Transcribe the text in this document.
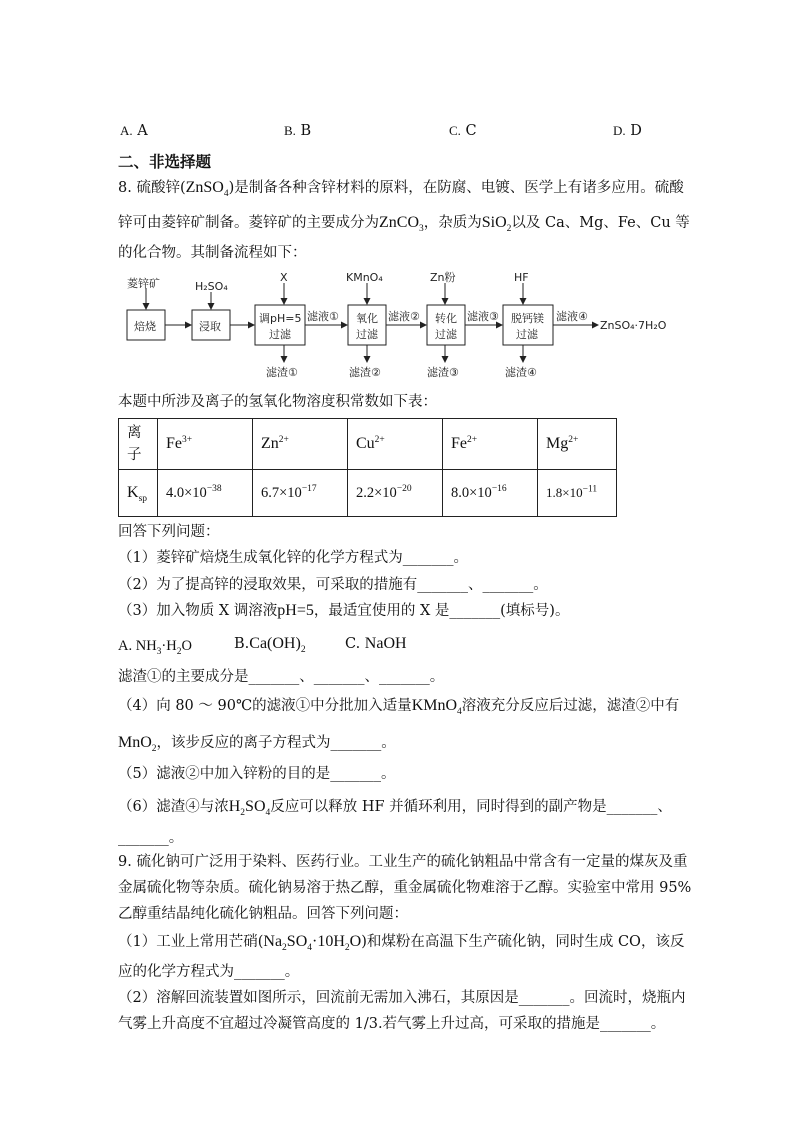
A. A	B. B	C. C	D. D
二、非选择题
8. 硫酸锌(ZnSO$_4$)是制备各种含锌材料的原料，在防腐、电镀、医学上有诸多应用。硫酸
锌可由菱锌矿制备。菱锌矿的主要成分为ZnCO$_3$，杂质为SiO$_2$以及 Ca、Mg、Fe、Cu 等
的化合物。其制备流程如下：
菱锌矿	H₂SO₄
X	KMnO₄	Zn粉	HF
焙烧	浸取
调pH=5
过滤
氧化
过滤
转化
过滤
脱钙镁
过滤
滤液①	滤液②	滤液③	滤液④
ZnSO₄·7H₂O
滤渣①	滤渣②	滤渣③	滤渣④
本题中所涉及离子的氢氧化物溶度积常数如下表：
离
子	$Fe^{3+}$	$Zn^{2+}$	$Cu^{2+}$	$Fe^{2+}$	$Mg^{2+}$
$K_{sp}$	$4.0\times 10^{-38}$	$6.7\times 10^{-17}$	$2.2\times 10^{-20}$	$8.0\times 10^{-16}$	$1.8\times 10^{-11}$
回答下列问题：
（1）菱锌矿焙烧生成氧化锌的化学方程式为_______。
（2）为了提高锌的浸取效果，可采取的措施有_______、_______。
（3）加入物质 X 调溶液pH=5，最适宜使用的 X 是_______(填标号)。
A. $NH_3\cdot H_2O$	$B.Ca(OH)_2$	C. NaOH
滤渣①的主要成分是_______、_______、_______。
（4）向 80 ～ 90℃的滤液①中分批加入适量KMnO$_4$溶液充分反应后过滤，滤渣②中有
MnO$_2$，该步反应的离子方程式为_______。
（5）滤液②中加入锌粉的目的是_______。
（6）滤渣④与浓$H_2SO_4$反应可以释放 HF 并循环利用，同时得到的副产物是_______、
_______。
9. 硫化钠可广泛用于染料、医药行业。工业生产的硫化钠粗品中常含有一定量的煤灰及重
金属硫化物等杂质。硫化钠易溶于热乙醇，重金属硫化物难溶于乙醇。实验室中常用 95%
乙醇重结晶纯化硫化钠粗品。回答下列问题：
（1）工业上常用芒硝$(Na_2SO_4\cdot 10H_2O)$和煤粉在高温下生产硫化钠，同时生成 CO，该反
应的化学方程式为_______。
（2）溶解回流装置如图所示，回流前无需加入沸石，其原因是_______。回流时，烧瓶内
气雾上升高度不宜超过冷凝管高度的 1/3.若气雾上升过高，可采取的措施是_______。
